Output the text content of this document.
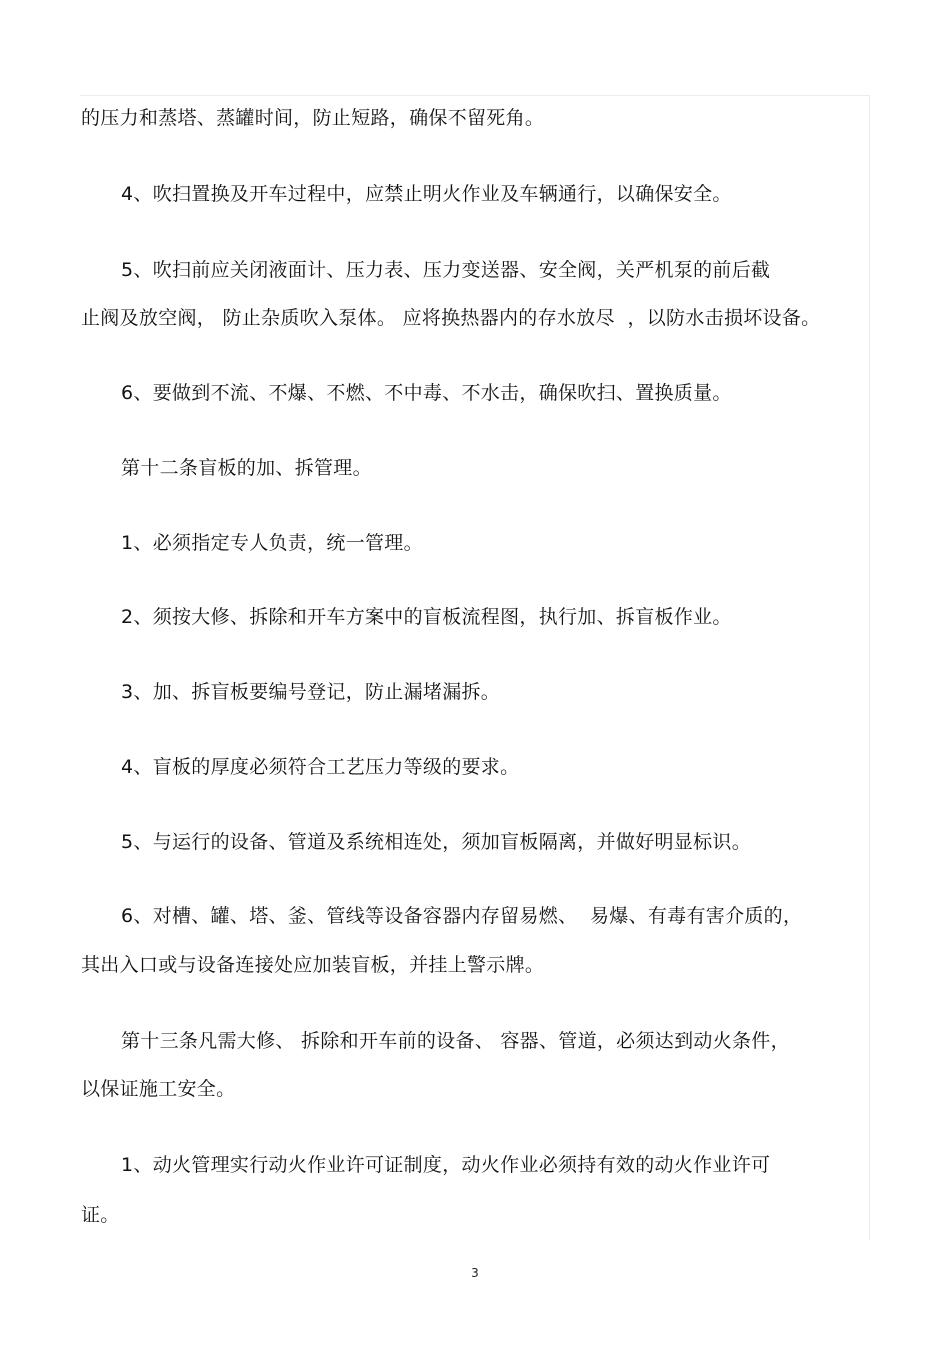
的压力和蒸塔、蒸罐时间，防止短路，确保不留死角。
4、吹扫置换及开车过程中，应禁止明火作业及车辆通行，以确保安全。
5、吹扫前应关闭液面计、压力表、压力变送器、安全阀，关严机泵的前后截
止阀及放空阀， 防止杂质吹入泵体。 应将换热器内的存水放尽  ，以防水击损坏设备。
6、要做到不流、不爆、不燃、不中毒、不水击，确保吹扫、置换质量。
第十二条盲板的加、拆管理。
1、必须指定专人负责，统一管理。
2、须按大修、拆除和开车方案中的盲板流程图，执行加、拆盲板作业。
3、加、拆盲板要编号登记，防止漏堵漏拆。
4、盲板的厚度必须符合工艺压力等级的要求。
5、与运行的设备、管道及系统相连处，须加盲板隔离，并做好明显标识。
6、对槽、罐、塔、釜、管线等设备容器内存留易燃、  易爆、有毒有害介质的，
其出入口或与设备连接处应加装盲板，并挂上警示牌。
第十三条凡需大修、 拆除和开车前的设备、 容器、管道，必须达到动火条件，
以保证施工安全。
1、动火管理实行动火作业许可证制度，动火作业必须持有效的动火作业许可
证。
3
